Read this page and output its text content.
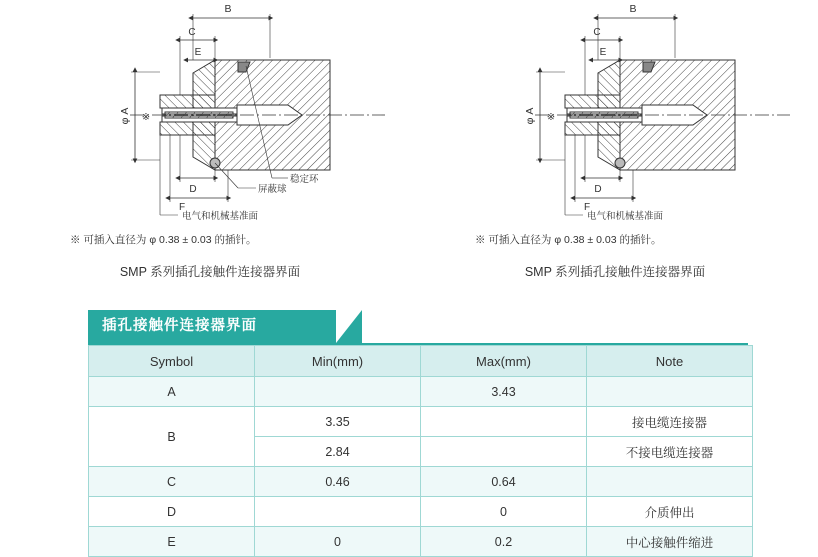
B
C
E
φ A ※
D
F
屏蔽球
稳定环
电气和机械基准面
※ 可插入直径为 φ 0.38 ± 0.03 的插针。
SMP 系列插孔接触件连接器界面
B
C
E
φ A ※
D
F
电气和机械基准面
※ 可插入直径为 φ 0.38 ± 0.03 的插针。
SMP 系列插孔接触件连接器界面
插孔接触件连接器界面
Symbol	Min(mm)	Max(mm)	Note
A		3.43	
B	3.35		接电缆连接器
	2.84		不接电缆连接器
C	0.46	0.64	
D		0	介质伸出
E	0	0.2	中心接触件缩进
